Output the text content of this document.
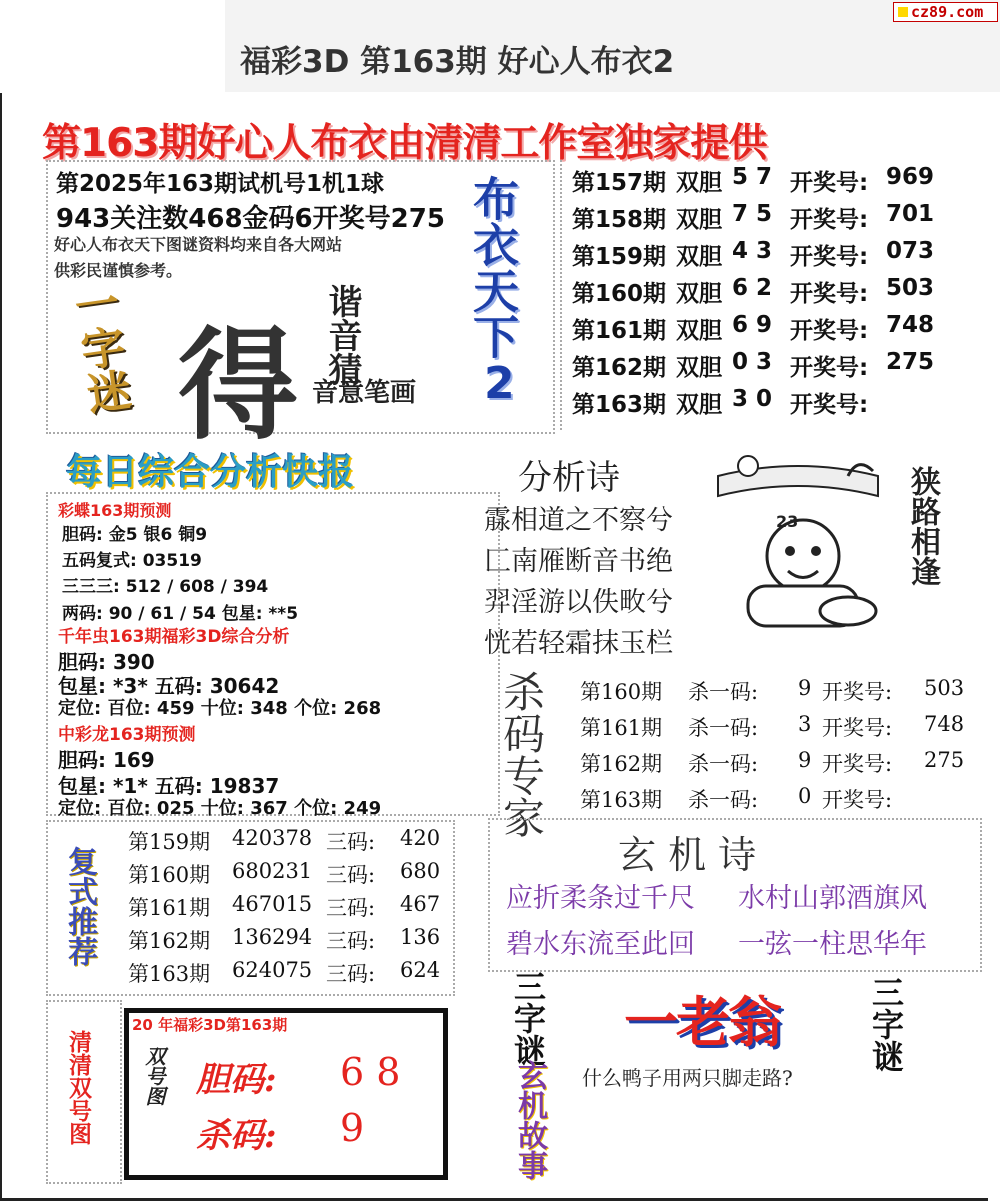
cz89.com
福彩3D 第163期 好心人布衣2
第163期好心人布衣由清清工作室独家提供
第2025年163期试机号1机1球
943关注数468金码6开奖号275
好心人布衣天下图谜资料均来自各大网站
供彩民谨慎参考。
一字迷 得 谐音猜
音意笔画
布衣天下
2
第157期 双胆 5 7 开奖号: 969
第158期 双胆 7 5 开奖号: 701
第159期 双胆 4 3 开奖号: 073
第160期 双胆 6 2 开奖号: 503
第161期 双胆 6 9 开奖号: 748
第162期 双胆 0 3 开奖号: 275
第163期 双胆 3 0 开奖号:
每日综合分析快报
彩蝶163期预测
胆码: 金5 银6 铜9
五码复式: 03519
三三三: 512 / 608 / 394
两码: 90 / 61 / 54 包星: **5
千年虫163期福彩3D综合分析
胆码: 390
包星: *3* 五码: 30642
定位: 百位: 459 十位: 348 个位: 268
中彩龙163期预测
胆码: 169
包星: *1* 五码: 19837
定位: 百位: 025 十位: 367 个位: 249
分析诗
霡相道之不察兮
匚南雁断音书绝
羿淫游以佚畋兮
恍若轻霜抹玉栏
23	狭路相逢
杀码专家 第160期 杀一码: 9 开奖号: 503
第161期 杀一码: 3 开奖号: 748
第162期 杀一码: 9 开奖号: 275
第163期 杀一码: 0 开奖号:
复式推荐
第159期 420378 三码: 420
第160期 680231 三码: 680
第161期 467015 三码: 467
第162期 136294 三码: 136
第163期 624075 三码: 624
玄 机 诗
应折柔条过千尺 水村山郭酒旗风
碧水东流至此回 一弦一柱思华年
清清双号图
20 年福彩3D第163期
双号图 胆码: 6 8
杀码: 9
三字谜
玄机故事
一老翁	三字谜
什么鸭子用两只脚走路?
